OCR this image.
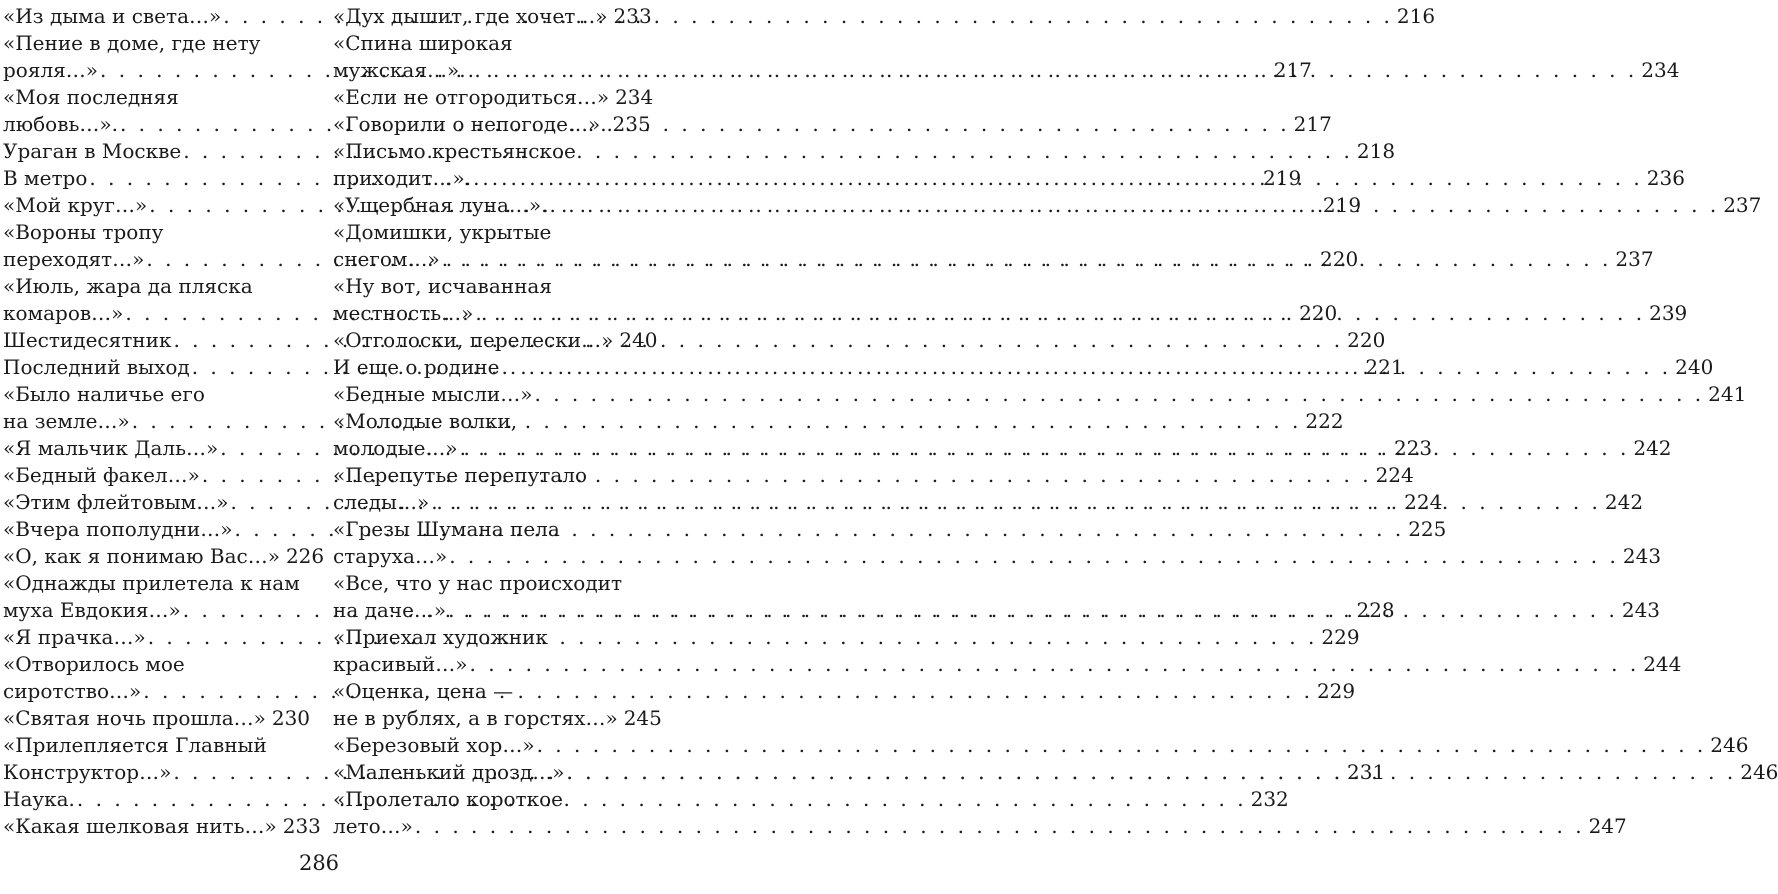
«Из дыма и света…» . . .	216
«Пение в доме, где нету
рояля…» . . .	217
«Моя последняя
любовь…». . . .	217
Ураган в Москве . . .	218
В метро . . .	219
«Мой круг…» . . .	219
«Вороны тропу
переходят…» . . .	220
«Июль, жара да пляска
комаров…» . . .	220
Шестидесятник . . .	220
Последний выход . . .	221
«Было наличье его
на земле…» . . .	222
«Я мальчик Даль…» . . .	223
«Бедный факел…» . . .	224
«Этим флейтовым…» . . .	224
«Вчера пополудни…» . . .	225
«О, как я понимаю Вас…» 226
«Однажды прилетела к нам
муха Евдокия…» . . .	228
«Я прачка…» . . .	229
«Отворилось мое
сиротство…» . . .	229
«Святая ночь прошла…» 230
«Прилепляется Главный
Конструктор…» . . .	231
Наука. . . .	232
«Какая шелковая нить…» 233
«Дух дышит, где хочет…» 233
«Спина широкая
мужская…». . . .	234
«Если не отгородиться…» 234
«Говорили о непогоде…». 235
«Письмо крестьянское
приходит…». . . .	236
«Ущербная луна…». . . .	237
«Домишки, укрытые
снегом…» . . .	237
«Ну вот, исчаванная
местность…» . . .	239
«Отголоски, перелески…» 240
И еще о родине . . .	240
«Бедные мысли…» . . .	241
«Молодые волки,
молодые…» . . .	242
«Перепутье перепутало
следы…» . . .	242
«Грезы Шумана пела
старуха…» . . .	243
«Все, что у нас происходит
на даче…» . . .	243
«Приехал художник
красивый…» . . .	244
«Оценка, цена —
не в рублях, а в горстях…» 245
«Березовый хор…» . . .	246
«Маленький дрозд…» . . .	246
«Пролетало короткое
лето…» . . .	247
286
